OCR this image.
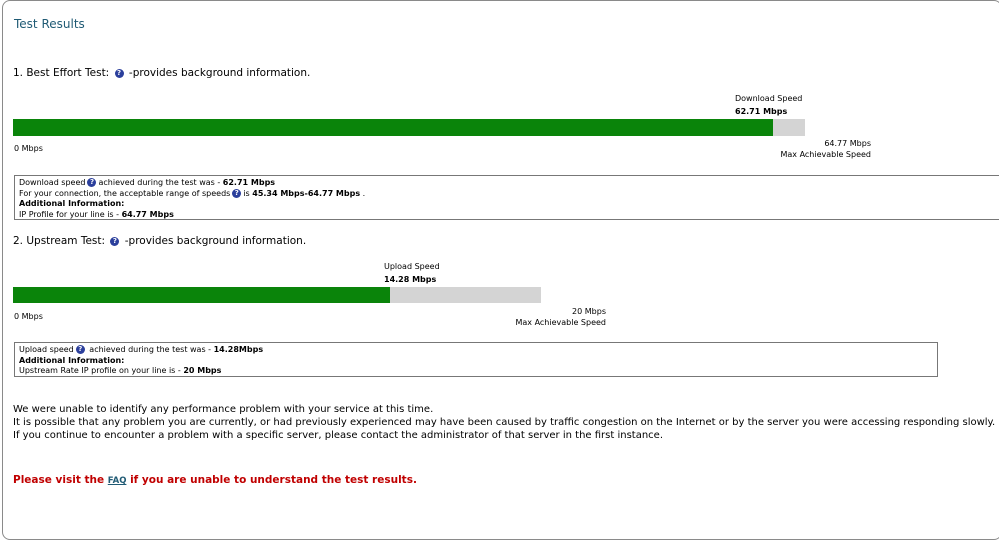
Test Results
1. Best Effort Test: ? -provides background information.
Download Speed
62.71 Mbps
0 Mbps
64.77 Mbps
Max Achievable Speed
Download speed ? achieved during the test was - 62.71 Mbps
For your connection, the acceptable range of speeds ? is 45.34 Mbps-64.77 Mbps .
Additional Information:
IP Profile for your line is - 64.77 Mbps
2. Upstream Test: ? -provides background information.
Upload Speed
14.28 Mbps
0 Mbps
20 Mbps
Max Achievable Speed
Upload speed ? achieved during the test was - 14.28Mbps
Additional Information:
Upstream Rate IP profile on your line is - 20 Mbps
We were unable to identify any performance problem with your service at this time.
It is possible that any problem you are currently, or had previously experienced may have been caused by traffic congestion on the Internet or by the server you were accessing responding slowly.
If you continue to encounter a problem with a specific server, please contact the administrator of that server in the first instance.
Please visit the FAQ if you are unable to understand the test results.
